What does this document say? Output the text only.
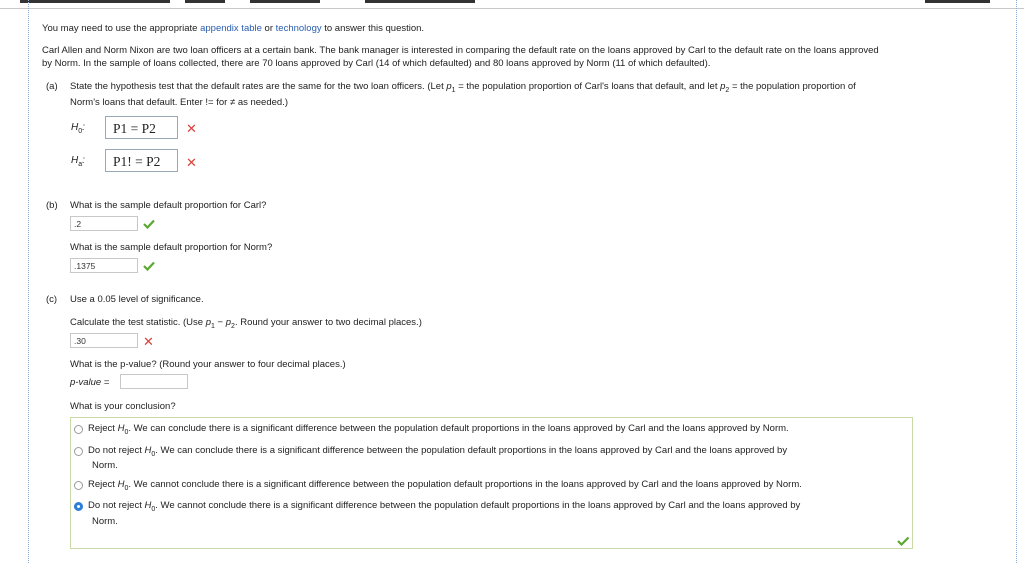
You may need to use the appropriate appendix table or technology to answer this question.
Carl Allen and Norm Nixon are two loan officers at a certain bank. The bank manager is interested in comparing the default rate on the loans approved by Carl to the default rate on the loans approved
by Norm. In the sample of loans collected, there are 70 loans approved by Carl (14 of which defaulted) and 80 loans approved by Norm (11 of which defaulted).
(a) State the hypothesis test that the default rates are the same for the two loan officers. (Let $p_1$ = the population proportion of Carl's loans that default, and let $p_2$ = the population proportion of
Norm's loans that default. Enter != for ≠ as needed.)
$H_0$:	P1 = P2	✕
$H_a$:	P1! = P2	✕
(b) What is the sample default proportion for Carl?
.2
What is the sample default proportion for Norm?
.1375
(c) Use a 0.05 level of significance.
Calculate the test statistic. (Use $p_1 - p_2$. Round your answer to two decimal places.)
.30	✕
What is the p-value? (Round your answer to four decimal places.)
p-value =
What is your conclusion?
Reject $H_0$. We can conclude there is a significant difference between the population default proportions in the loans approved by Carl and the loans approved by Norm.
Do not reject $H_0$. We can conclude there is a significant difference between the population default proportions in the loans approved by Carl and the loans approved by
Norm.
Reject $H_0$. We cannot conclude there is a significant difference between the population default proportions in the loans approved by Carl and the loans approved by Norm.
Do not reject $H_0$. We cannot conclude there is a significant difference between the population default proportions in the loans approved by Carl and the loans approved by
Norm.
